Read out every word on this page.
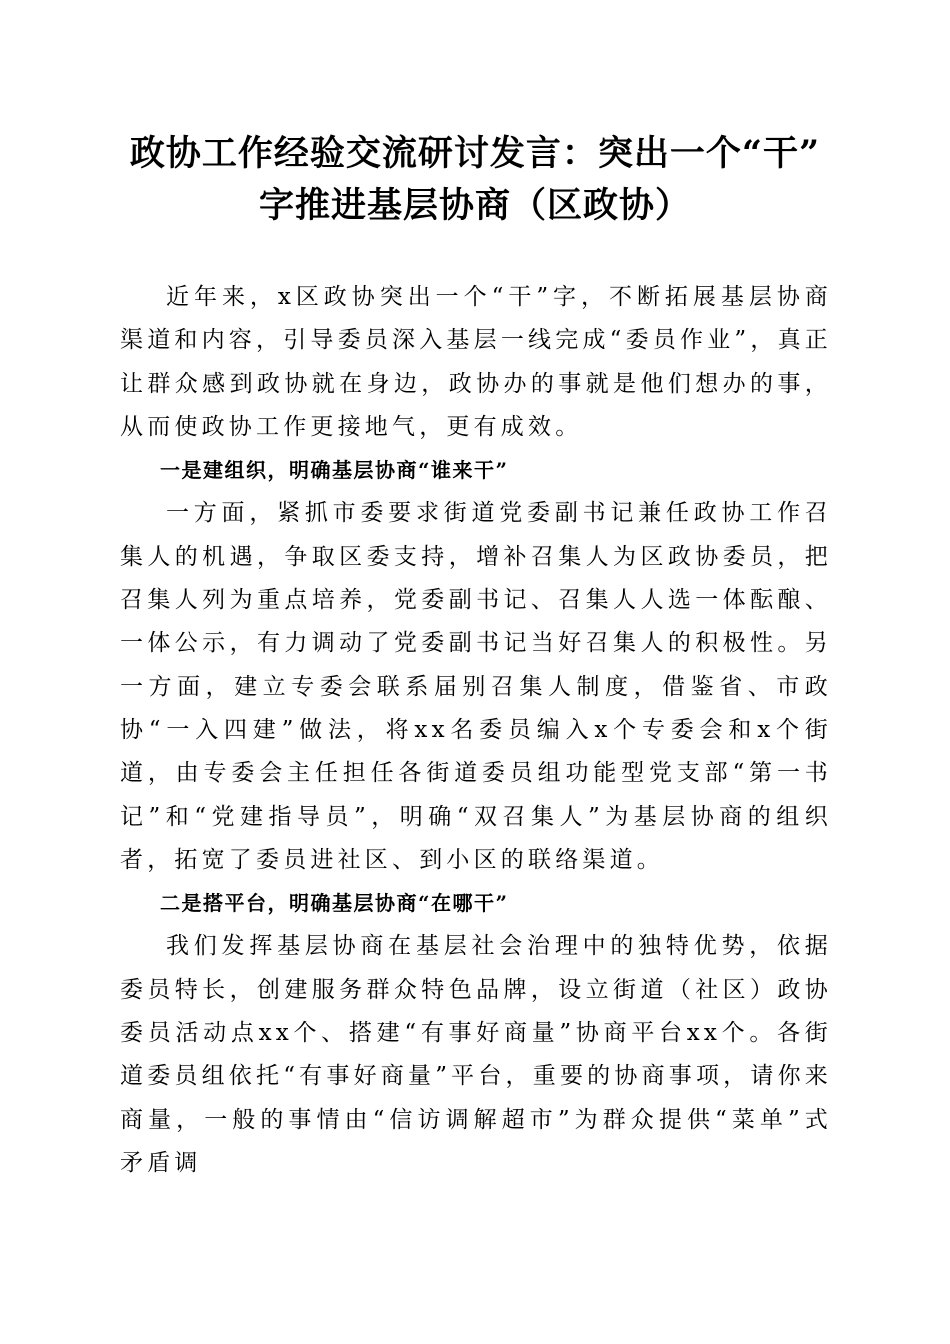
政协工作经验交流研讨发言：突出一个“干”
字推进基层协商（区政协）

近年来，x区政协突出一个“干”字，不断拓展基层协商渠道和内容，引导委员深入基层一线完成“委员作业”，真正让群众感到政协就在身边，政协办的事就是他们想办的事，从而使政协工作更接地气，更有成效。

一是建组织，明确基层协商“谁来干”

一方面，紧抓市委要求街道党委副书记兼任政协工作召集人的机遇，争取区委支持，增补召集人为区政协委员，把召集人列为重点培养，党委副书记、召集人人选一体酝酿、一体公示，有力调动了党委副书记当好召集人的积极性。另一方面，建立专委会联系届别召集人制度，借鉴省、市政协“一入四建”做法，将xx名委员编入x个专委会和x个街道，由专委会主任担任各街道委员组功能型党支部“第一书记”和“党建指导员”，明确“双召集人”为基层协商的组织者，拓宽了委员进社区、到小区的联络渠道。

二是搭平台，明确基层协商“在哪干”

我们发挥基层协商在基层社会治理中的独特优势，依据委员特长，创建服务群众特色品牌，设立街道（社区）政协委员活动点xx个、搭建“有事好商量”协商平台xx个。各街道委员组依托“有事好商量”平台，重要的协商事项，请你来商量，一般的事情由“信访调解超市”为群众提供“菜单”式矛盾调
